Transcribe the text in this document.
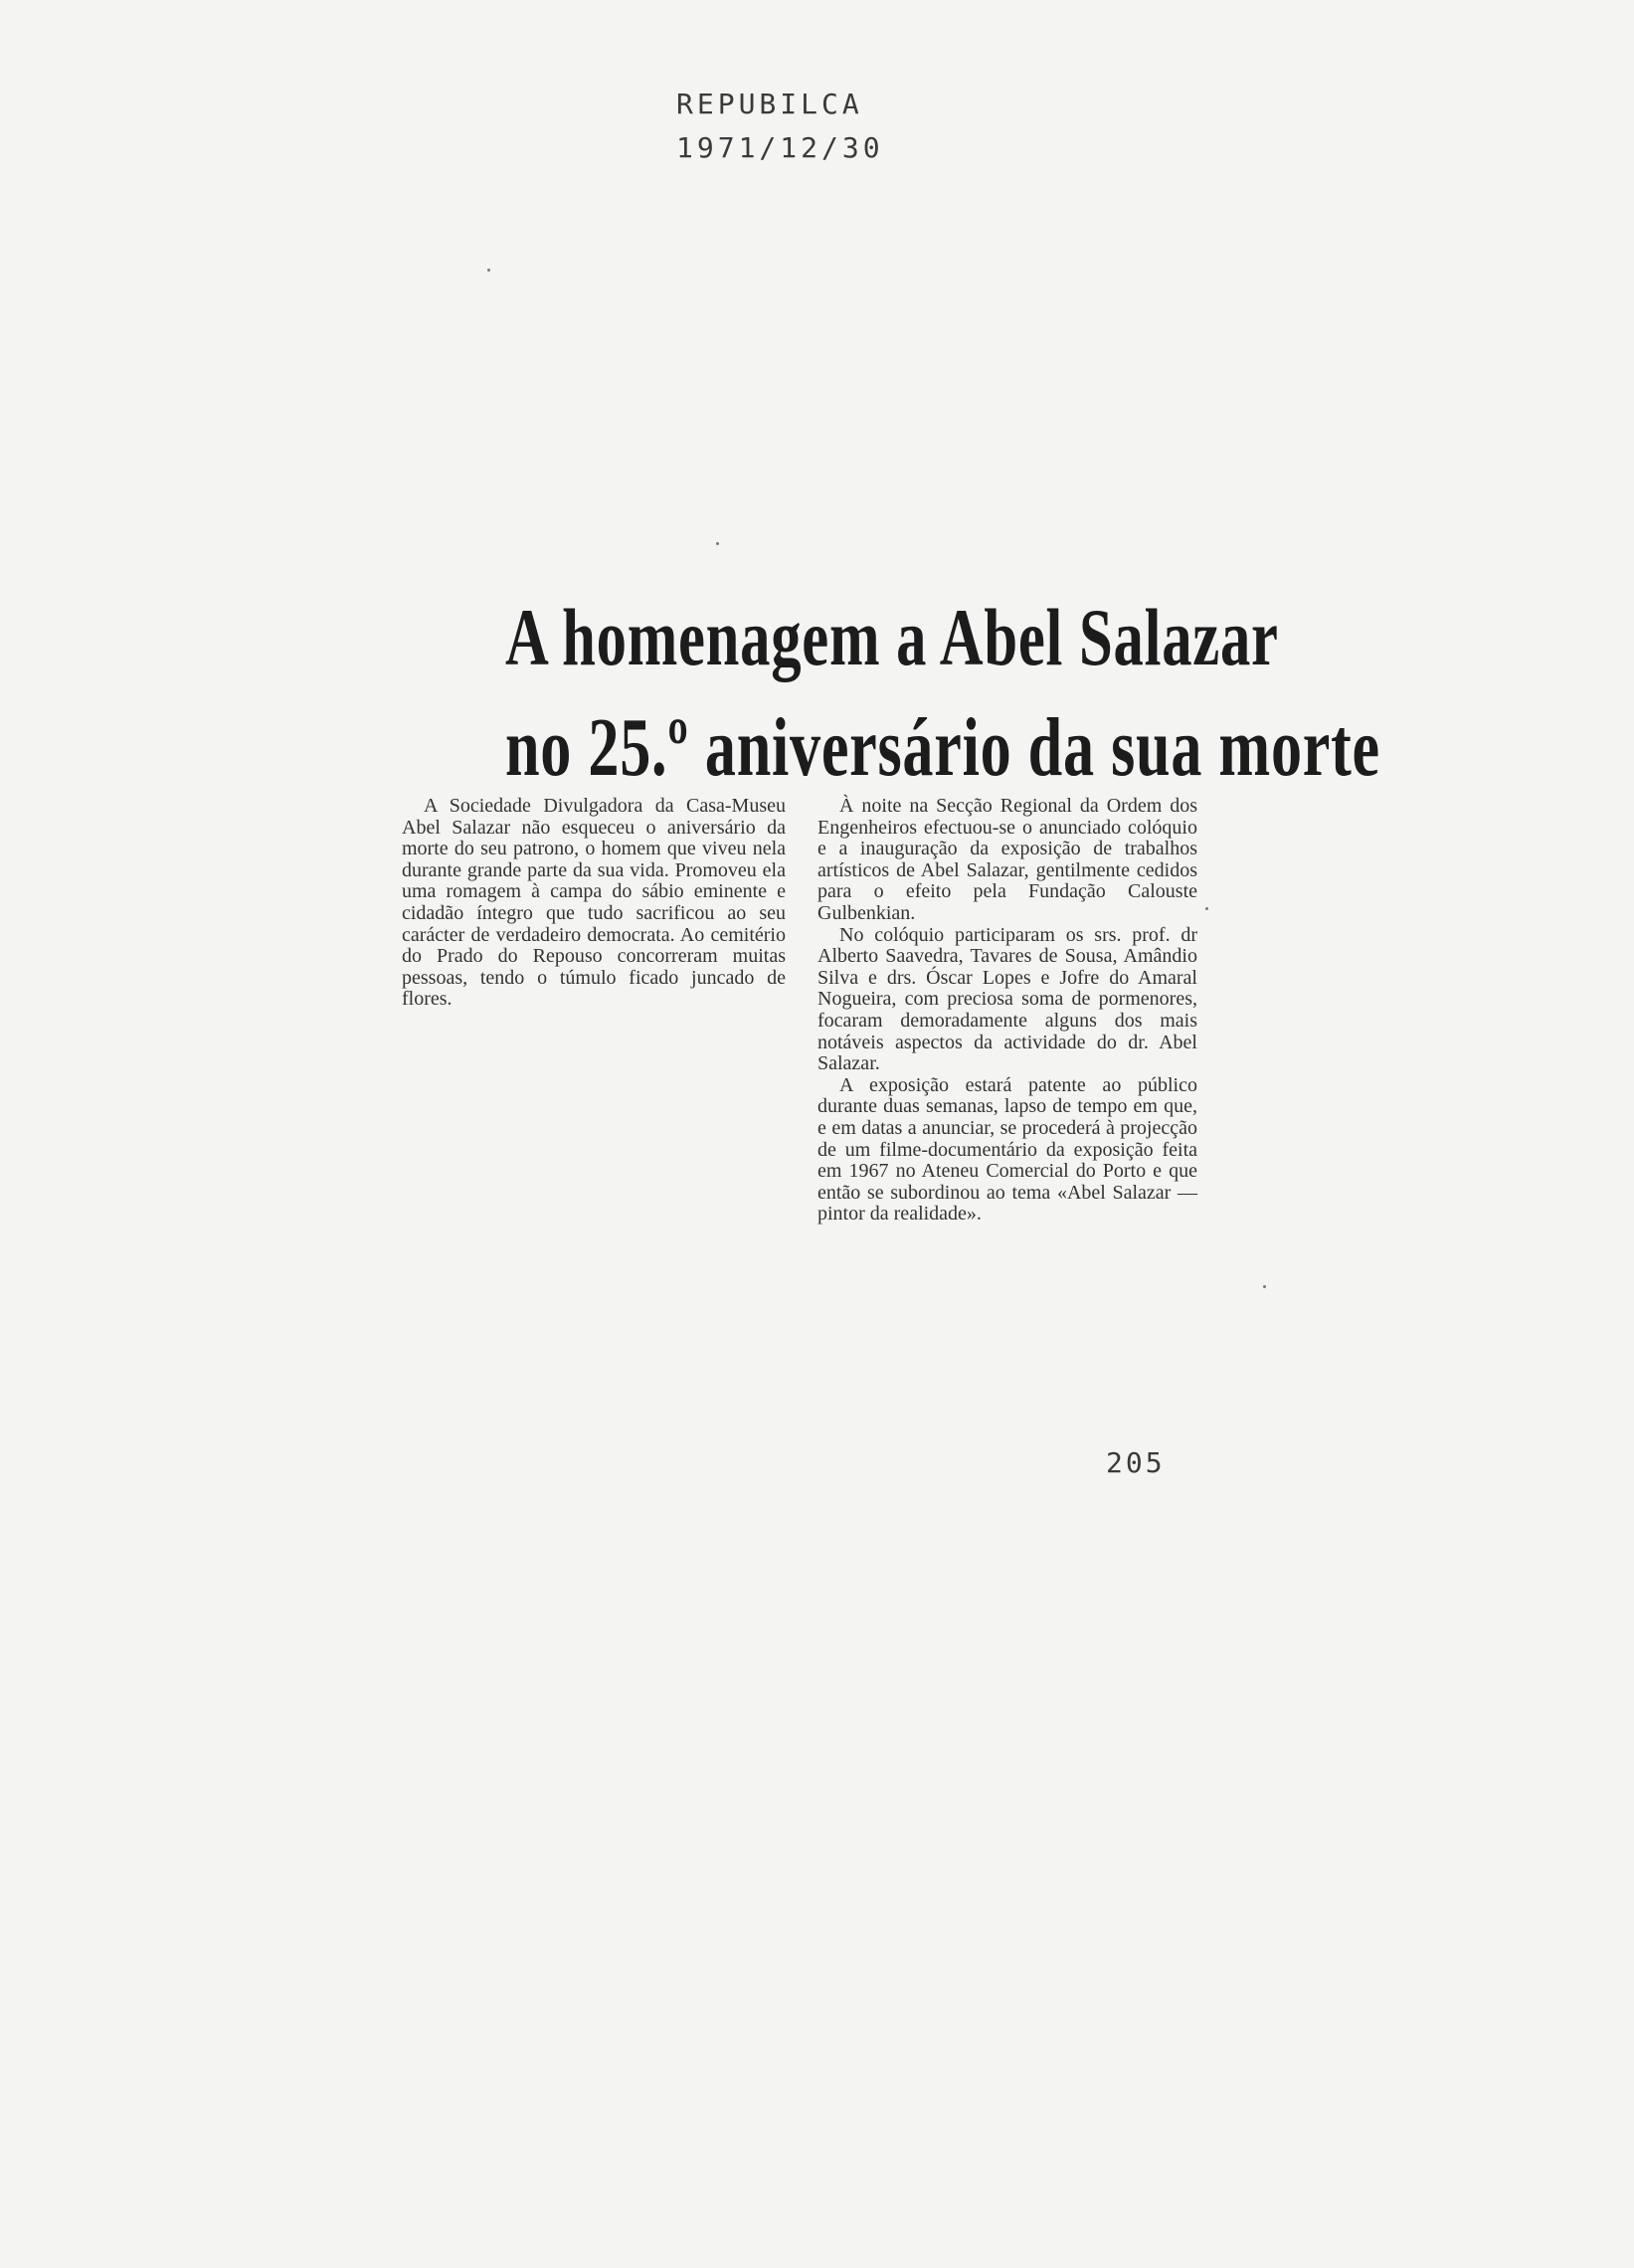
REPUBILCA
1971/12/30
A homenagem a Abel Salazar
no 25.º aniversário da sua morte

A Sociedade Divulgadora da Casa-Museu Abel Salazar não esqueceu o aniversário da morte do seu patrono, o homem que viveu nela durante grande parte da sua vida. Promoveu ela uma romagem à campa do sábio eminente e cidadão íntegro que tudo sacrificou ao seu carácter de verdadeiro democrata. Ao cemitério do Prado do Repouso concorreram muitas pessoas, tendo o túmulo ficado juncado de flores.

À noite na Secção Regional da Ordem dos Engenheiros efectuou-se o anunciado colóquio e a inauguração da exposição de trabalhos artísticos de Abel Salazar, gentilmente cedidos para o efeito pela Fundação Calouste Gulbenkian.

No colóquio participaram os srs. prof. dr Alberto Saavedra, Tavares de Sousa, Amândio Silva e drs. Óscar Lopes e Jofre do Amaral Nogueira, com preciosa soma de pormenores, focaram demoradamente alguns dos mais notáveis aspectos da actividade do dr. Abel Salazar.

A exposição estará patente ao público durante duas semanas, lapso de tempo em que, e em datas a anunciar, se procederá à projecção de um filme-documentário da exposição feita em 1967 no Ateneu Comercial do Porto e que então se subordinou ao tema «Abel Salazar — pintor da realidade».

205
